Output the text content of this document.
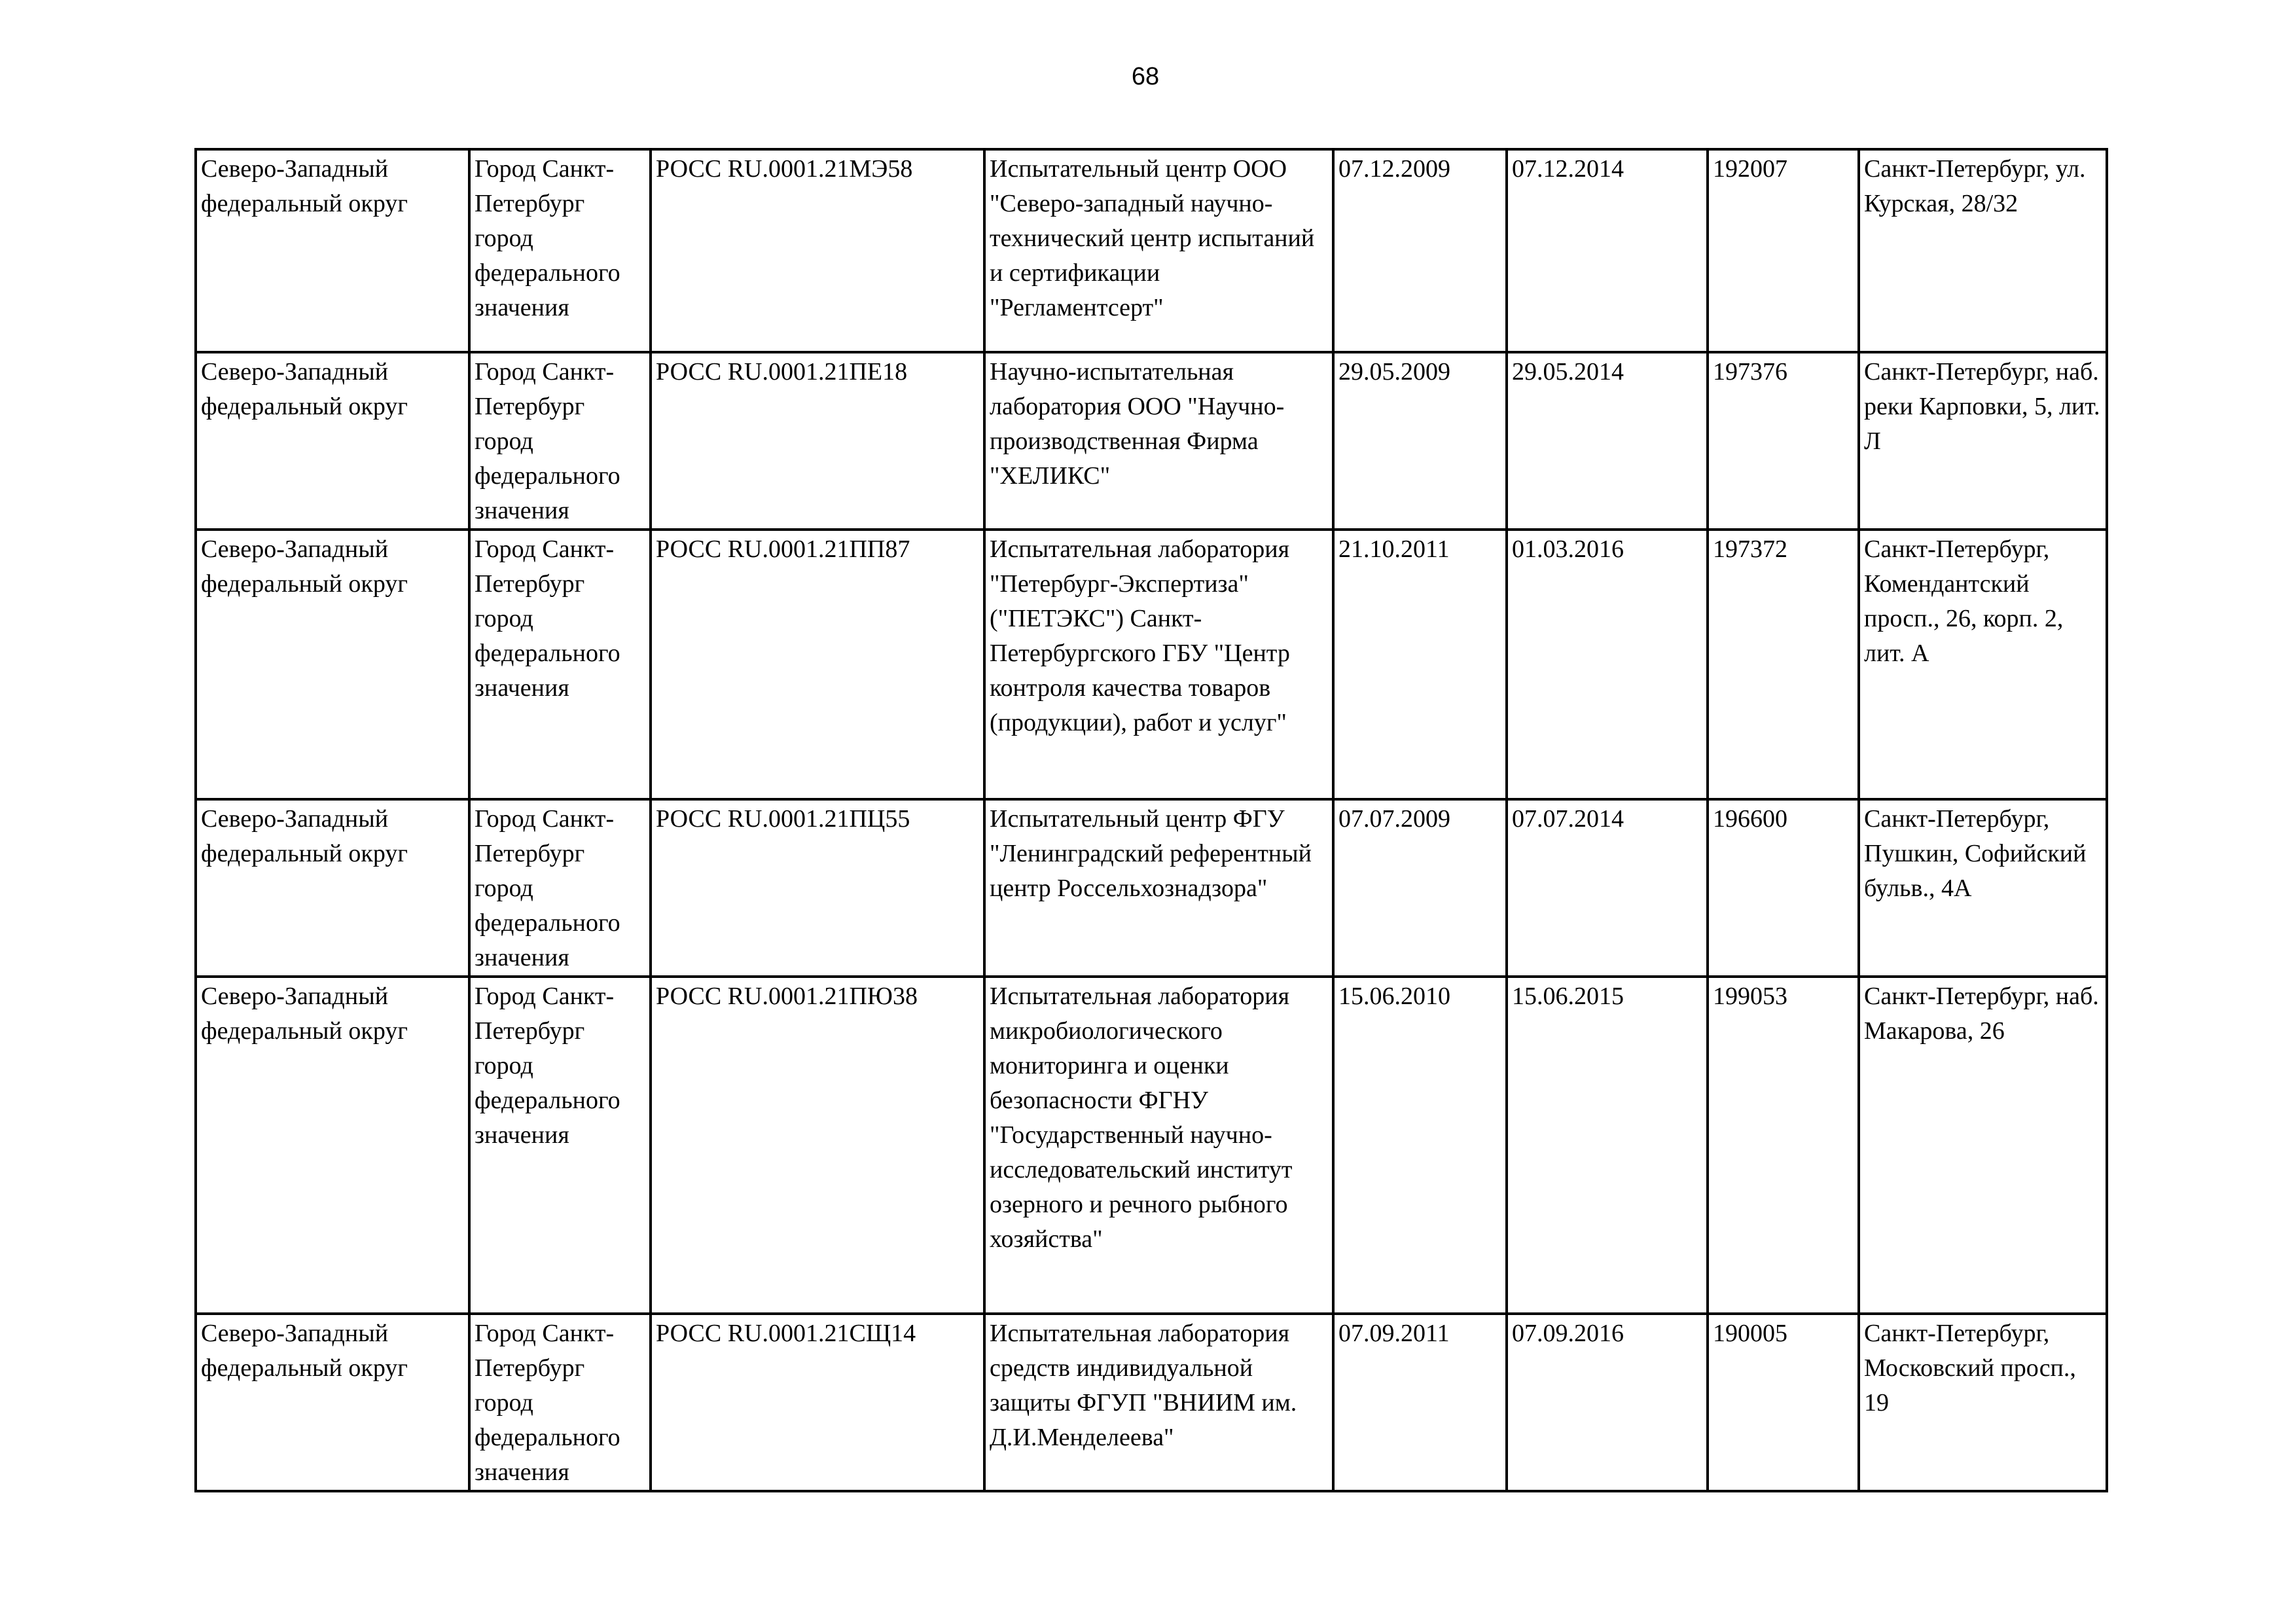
68
Северо-Западный федеральный округ	Город Санкт-Петербург город федерального значения	РОСС RU.0001.21МЭ58	Испытательный центр ООО "Северо-западный научно-технический центр испытаний и сертификации "Регламентсерт"	07.12.2009	07.12.2014	192007	Санкт-Петербург, ул. Курская, 28/32
Северо-Западный федеральный округ	Город Санкт-Петербург город федерального значения	РОСС RU.0001.21ПЕ18	Научно-испытательная лаборатория ООО "Научно-производственная Фирма "ХЕЛИКС"	29.05.2009	29.05.2014	197376	Санкт-Петербург, наб. реки Карповки, 5, лит. Л
Северо-Западный федеральный округ	Город Санкт-Петербург город федерального значения	РОСС RU.0001.21ПП87	Испытательная лаборатория "Петербург-Экспертиза" ("ПЕТЭКС") Санкт-Петербургского ГБУ "Центр контроля качества товаров (продукции), работ и услуг"	21.10.2011	01.03.2016	197372	Санкт-Петербург, Комендантский просп., 26, корп. 2, лит. А
Северо-Западный федеральный округ	Город Санкт-Петербург город федерального значения	РОСС RU.0001.21ПЦ55	Испытательный центр ФГУ "Ленинградский референтный центр Россельхознадзора"	07.07.2009	07.07.2014	196600	Санкт-Петербург, Пушкин, Софийский бульв., 4А
Северо-Западный федеральный округ	Город Санкт-Петербург город федерального значения	РОСС RU.0001.21ПЮ38	Испытательная лаборатория микробиологического мониторинга и оценки безопасности ФГНУ "Государственный научно-исследовательский институт озерного и речного рыбного хозяйства"	15.06.2010	15.06.2015	199053	Санкт-Петербург, наб. Макарова, 26
Северо-Западный федеральный округ	Город Санкт-Петербург город федерального значения	РОСС RU.0001.21СЩ14	Испытательная лаборатория средств индивидуальной защиты ФГУП "ВНИИМ им. Д.И.Менделеева"	07.09.2011	07.09.2016	190005	Санкт-Петербург, Московский просп., 19
